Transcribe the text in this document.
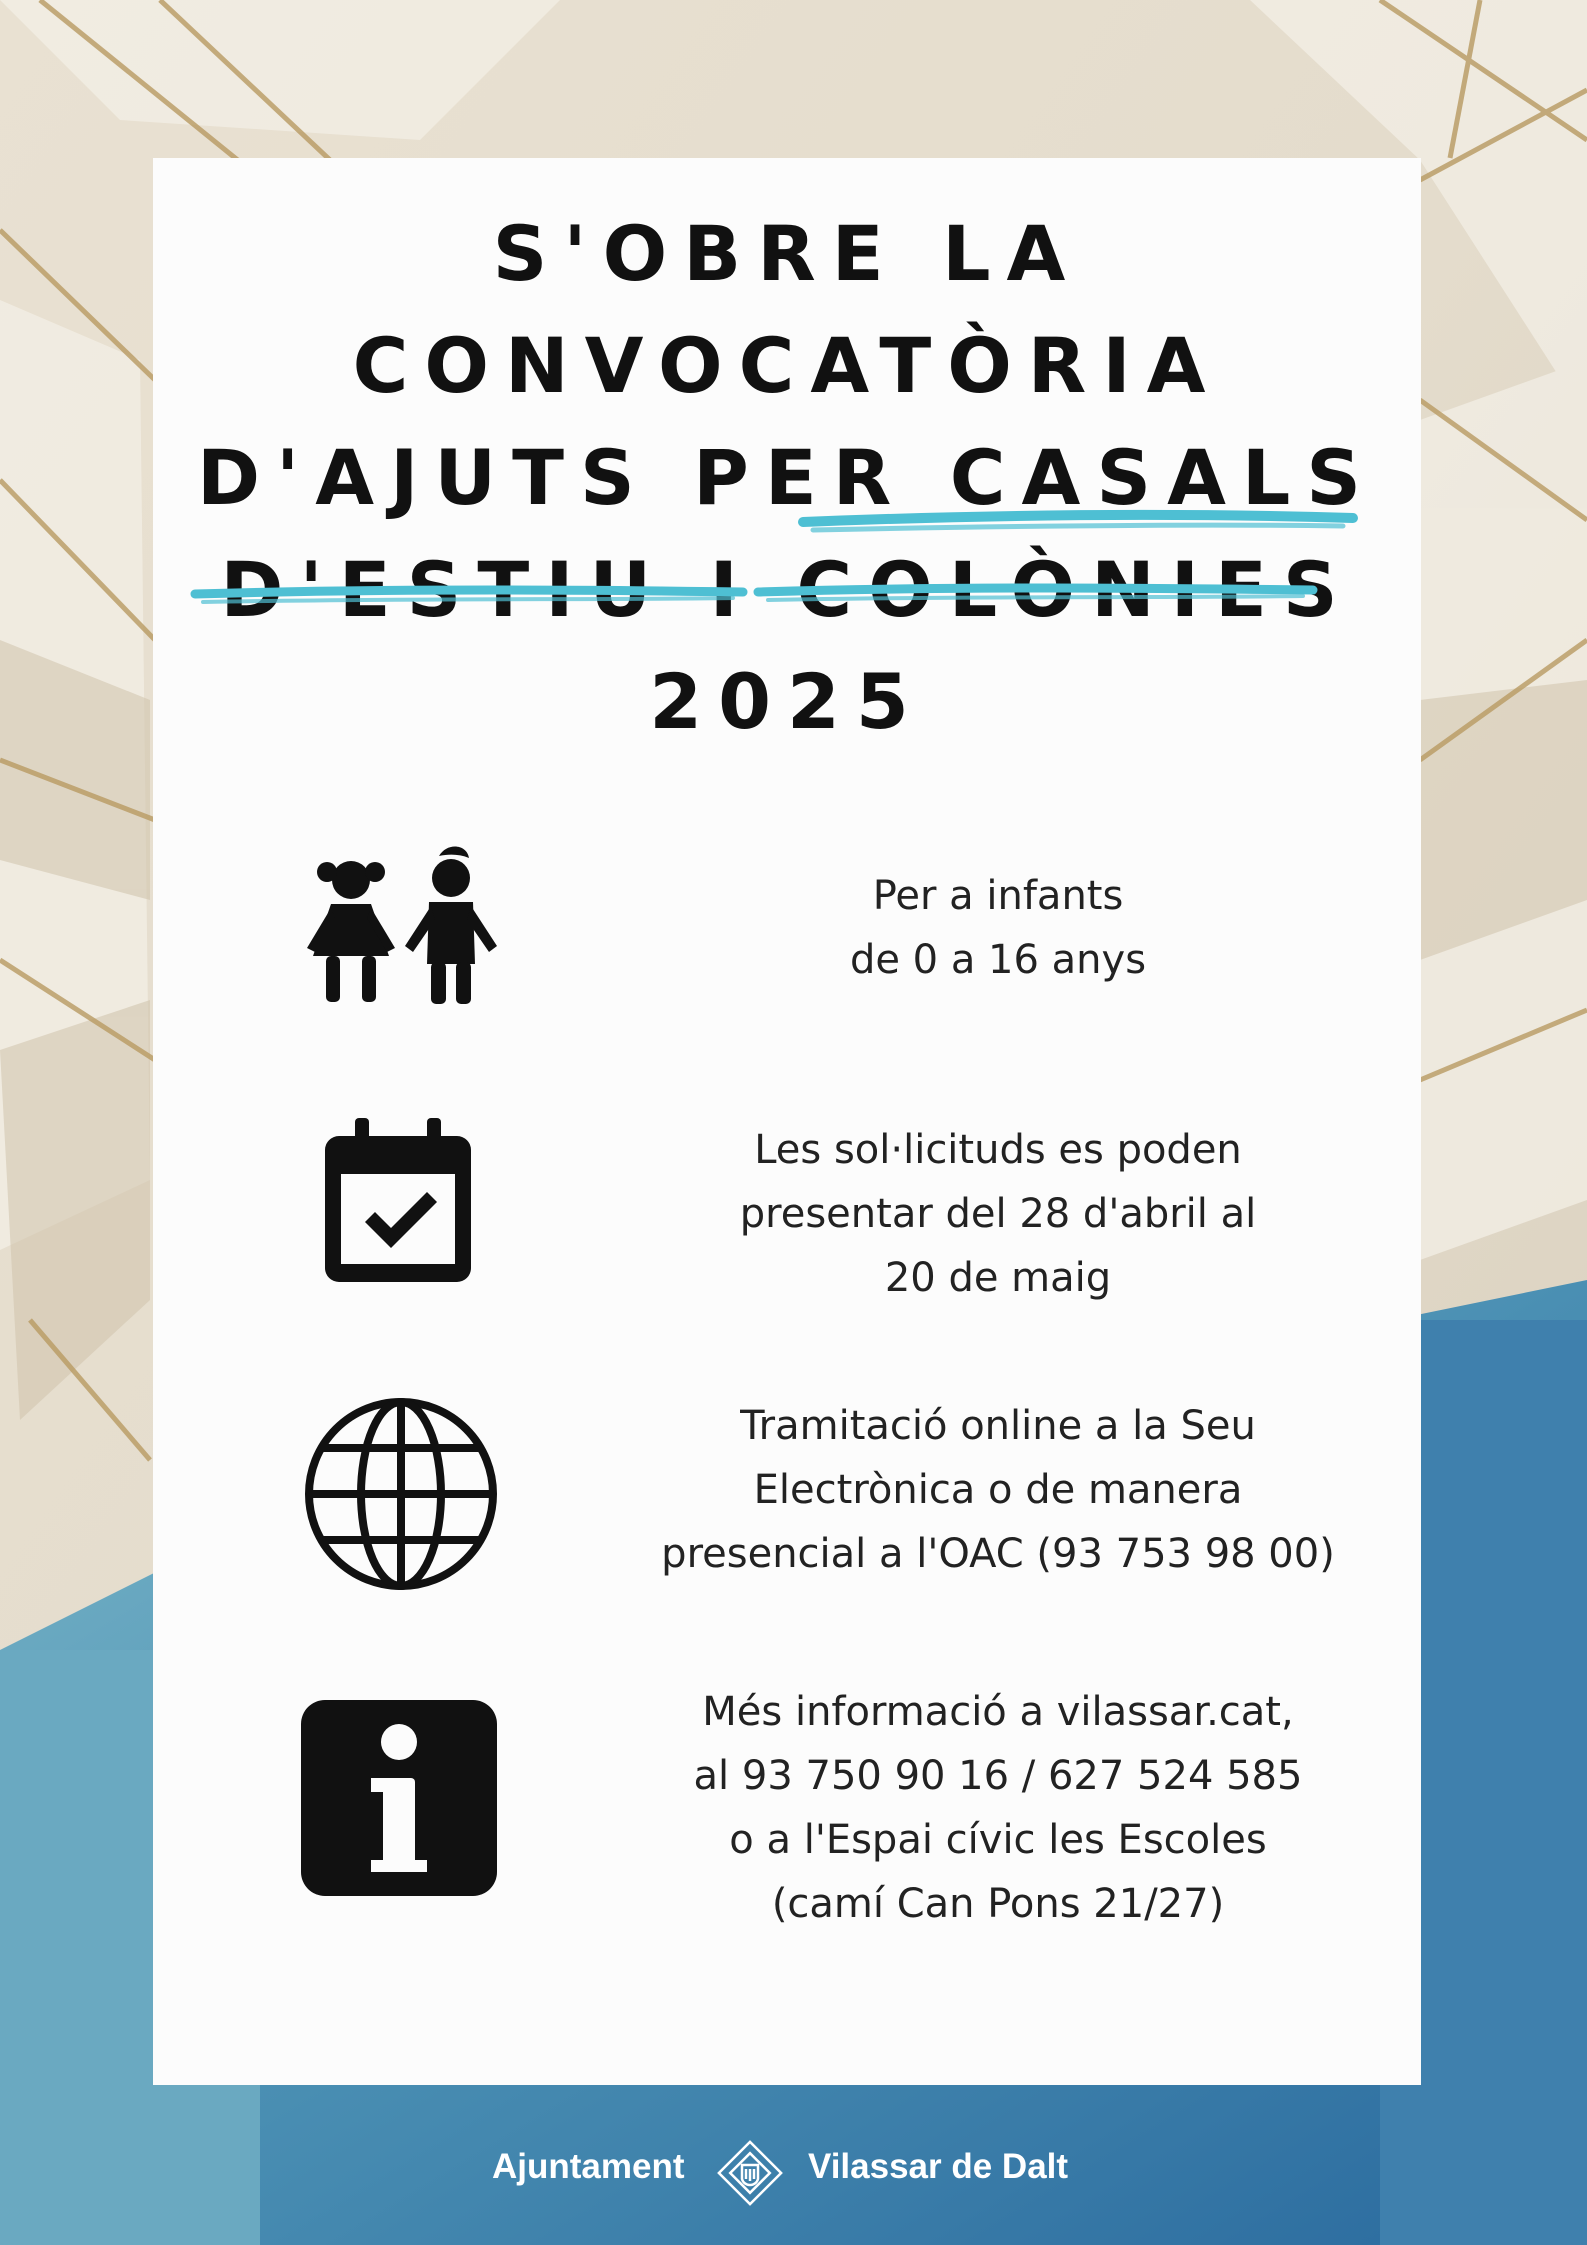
S'OBRE LA
CONVOCATÒRIA
D'AJUTS PER CASALS
D'ESTIU I COLÒNIES
2025
Per a infants
de 0 a 16 anys
Les sol·licituds es poden
presentar del 28 d'abril al
20 de maig
Tramitació online a la Seu
Electrònica o de manera
presencial a l'OAC (93 753 98 00)
Més informació a vilassar.cat,
al 93 750 90 16 / 627 524 585
o a l'Espai cívic les Escoles
(camí Can Pons 21/27)
Ajuntament	Vilassar de Dalt
